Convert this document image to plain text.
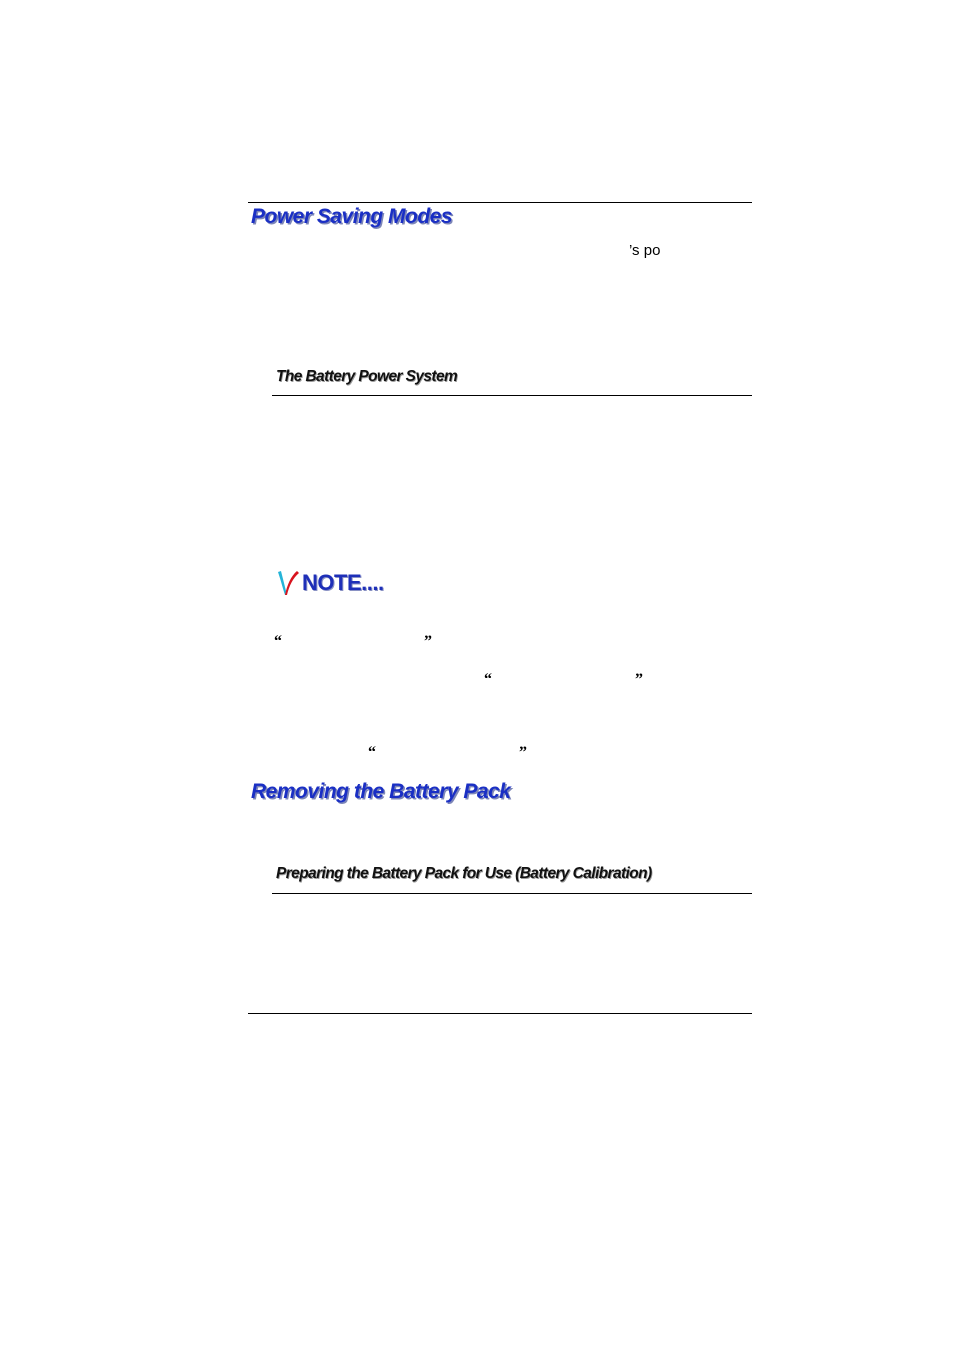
Power Saving Modes
’s po
The Battery Power System
NOTE....
“	”
“	”
“	”
Removing the Battery Pack
Preparing the Battery Pack for Use (Battery Calibration)
